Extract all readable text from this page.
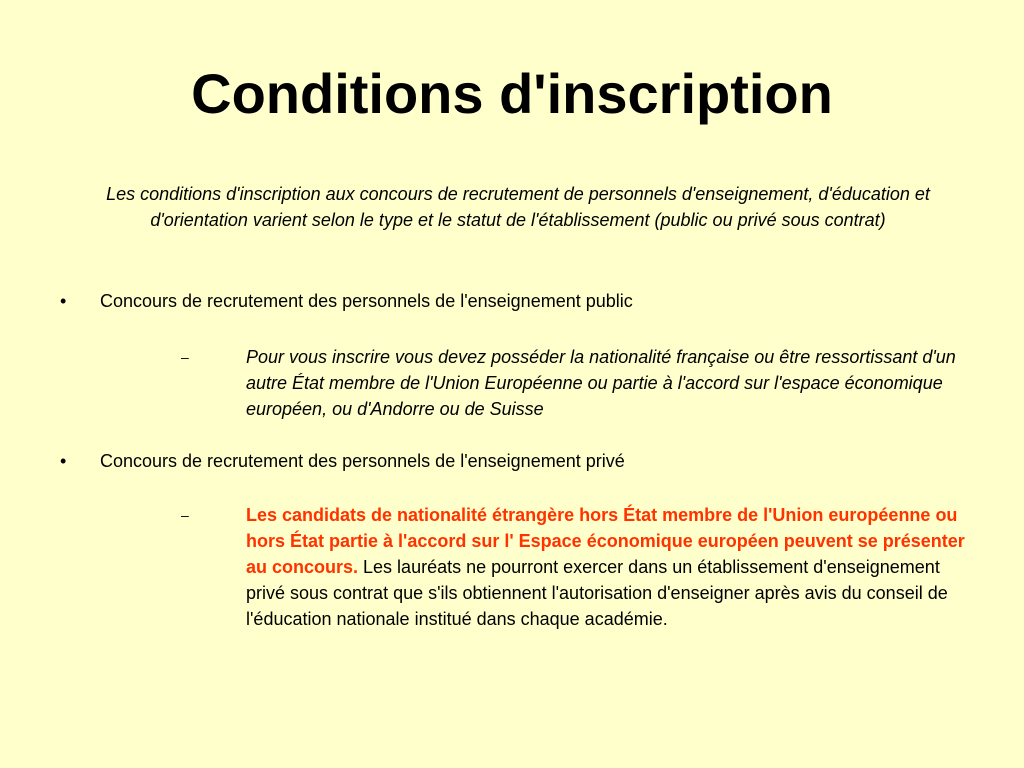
Conditions d'inscription
Les conditions d'inscription aux concours de recrutement de personnels d'enseignement, d'éducation et d'orientation varient selon le type et le statut de l'établissement (public ou privé sous contrat)
• Concours de recrutement des personnels de l'enseignement public
–	Pour vous inscrire vous devez posséder la nationalité française ou être ressortissant d'un autre État membre de l'Union Européenne ou partie à l'accord sur l'espace économique européen, ou d'Andorre ou de Suisse
• Concours de recrutement des personnels de l'enseignement privé
–	Les candidats de nationalité étrangère hors État membre de l'Union européenne ou hors État partie à l'accord sur l' Espace économique européen peuvent se présenter au concours. Les lauréats ne pourront exercer dans un établissement d'enseignement privé sous contrat que s'ils obtiennent l'autorisation d'enseigner après avis du conseil de l'éducation nationale institué dans chaque académie.
